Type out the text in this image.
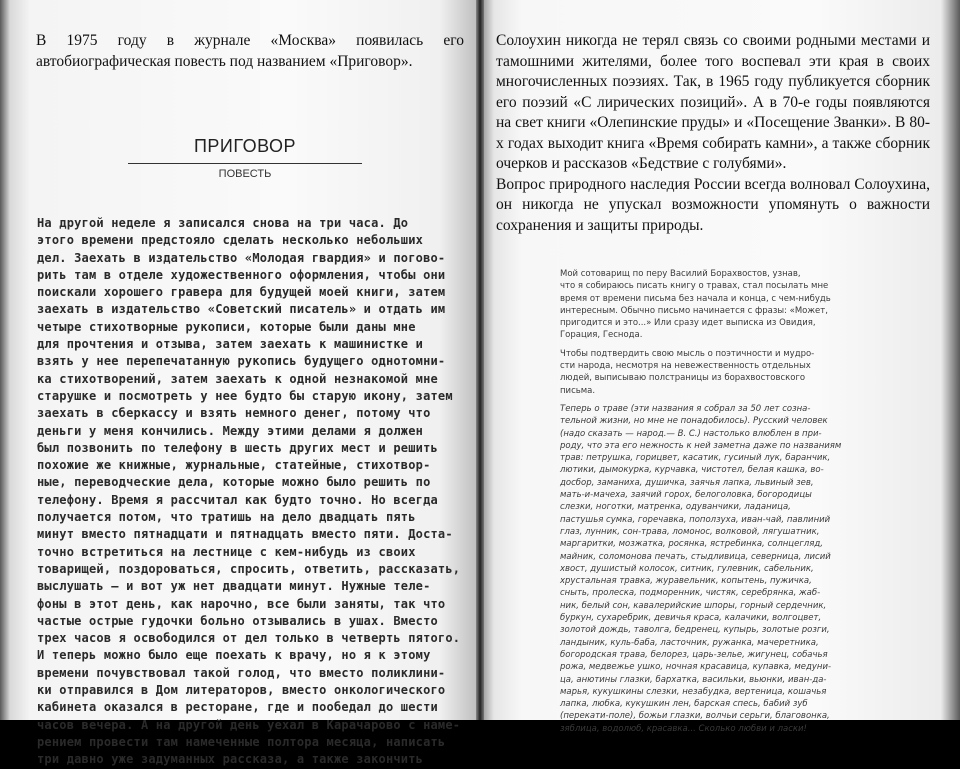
В 1975 году в журнале «Москва» появилась его автобиографическая повесть под названием «Приговор».

ПРИГОВОР
ПОВЕСТЬ
На другой неделе я записался снова на три часа. До
этого времени предстояло сделать несколько небольших
дел. Заехать в издательство «Молодая гвардия» и погово-
рить там в отделе художественного оформления, чтобы они
поискали хорошего гравера для будущей моей книги, затем
заехать в издательство «Советский писатель» и отдать им
четыре стихотворные рукописи, которые были даны мне
для прочтения и отзыва, затем заехать к машинистке и
взять у нее перепечатанную рукопись будущего однотомни-
ка стихотворений, затем заехать к одной незнакомой мне
старушке и посмотреть у нее будто бы старую икону, затем
заехать в сберкассу и взять немного денег, потому что
деньги у меня кончились. Между этими делами я должен
был позвонить по телефону в шесть других мест и решить
похожие же книжные, журнальные, статейные, стихотвор-
ные, переводческие дела, которые можно было решить по
телефону. Время я рассчитал как будто точно. Но всегда
получается потом, что тратишь на дело двадцать пять
минут вместо пятнадцати и пятнадцать вместо пяти. Доста-
точно встретиться на лестнице с кем-нибудь из своих
товарищей, поздороваться, спросить, ответить, рассказать,
выслушать — и вот уж нет двадцати минут. Нужные теле-
фоны в этот день, как нарочно, все были заняты, так что
частые острые гудочки больно отзывались в ушах. Вместо
трех часов я освободился от дел только в четверть пятого.
И теперь можно было еще поехать к врачу, но я к этому
времени почувствовал такой голод, что вместо поликлини-
ки отправился в Дом литераторов, вместо онкологического
кабинета оказался в ресторане, где и пообедал до шести
часов вечера. А на другой день уехал в Карачарово с наме-
рением провести там намеченные полтора месяца, написать
три давно уже задуманных рассказа, а также закончить

Солоухин никогда не терял связь со своими родными местами и тамошними жителями, более того воспевал эти края в своих многочисленных поэзиях. Так, в 1965 году публикуется сборник его поэзий «С лирических позиций». А в 70-е годы появляются на свет книги «Олепинские пруды» и «Посещение Званки». В 80-х годах выходит книга «Время собирать камни», а также сборник очерков и рассказов «Бедствие с голубями».

Вопрос природного наследия России всегда волновал Солоухина, он никогда не упускал возможности упомянуть о важности сохранения и защиты природы.

Мой сотоварищ по перу Василий Борахвостов, узнав,
что я собираюсь писать книгу о травах, стал посылать мне
время от времени письма без начала и конца, с чем-нибудь
интересным. Обычно письмо начинается с фразы: «Может,
пригодится и это...» Или сразу идет выписка из Овидия,
Горация, Геснода.
Чтобы подтвердить свою мысль о поэтичности и мудро-
сти народа, несмотря на невежественность отдельных
людей, выписываю полстраницы из борахвостовского
письма.
Теперь о траве (эти названия я собрал за 50 лет созна-
тельной жизни, но мне не понадобилось). Русский человек
(надо сказать — народ.— В. С.) настолько влюблен в при-
роду, что эта его нежность к ней заметна даже по названиям
трав: петрушка, горицвет, касатик, гусиный лук, баранчик,
лютики, дымокурка, курчавка, чистотел, белая кашка, во-
досбор, заманиха, душичка, заячья лапка, львиный зев,
мать-и-мачеха, заячий горох, белоголовка, богородицы
слезки, ноготки, матренка, одуванчики, ладаница,
пастушья сумка, горечавка, поползуха, иван-чай, павлиний
глаз, лунник, сон-трава, ломонос, волковой, лягушатник,
маргаритки, мозжатка, росянка, ястребинка, солнцегляд,
майник, соломонова печать, стыдливица, северница, лисий
хвост, душистый колосок, ситник, гулевник, сабельник,
хрустальная травка, журавельник, копытень, пужичка,
сныть, пролеска, подморенник, чистяк, серебрянка, жаб-
ник, белый сон, кавалерийские шпоры, горный сердечник,
буркун, сухаребрик, девичья краса, калачики, волгоцвет,
золотой дождь, таволга, бедренец, купырь, золотые розги,
ландыник, куль-баба, ласточник, ружанка, мачеретника,
богородская трава, белорез, царь-зелье, жигунец, собачья
рожа, медвежье ушко, ночная красавица, купавка, медуни-
ца, анютины глазки, бархатка, васильки, вьюнки, иван-да-
марья, кукушкины слезки, незабудка, вертеница, кошачья
лапка, любка, кукушкин лен, барская спесь, бабий зуб
(перекати-поле), божьи глазки, волчьи серьги, благовонка,
зяблица, водолюб, красавка... Сколько любви и ласки!
